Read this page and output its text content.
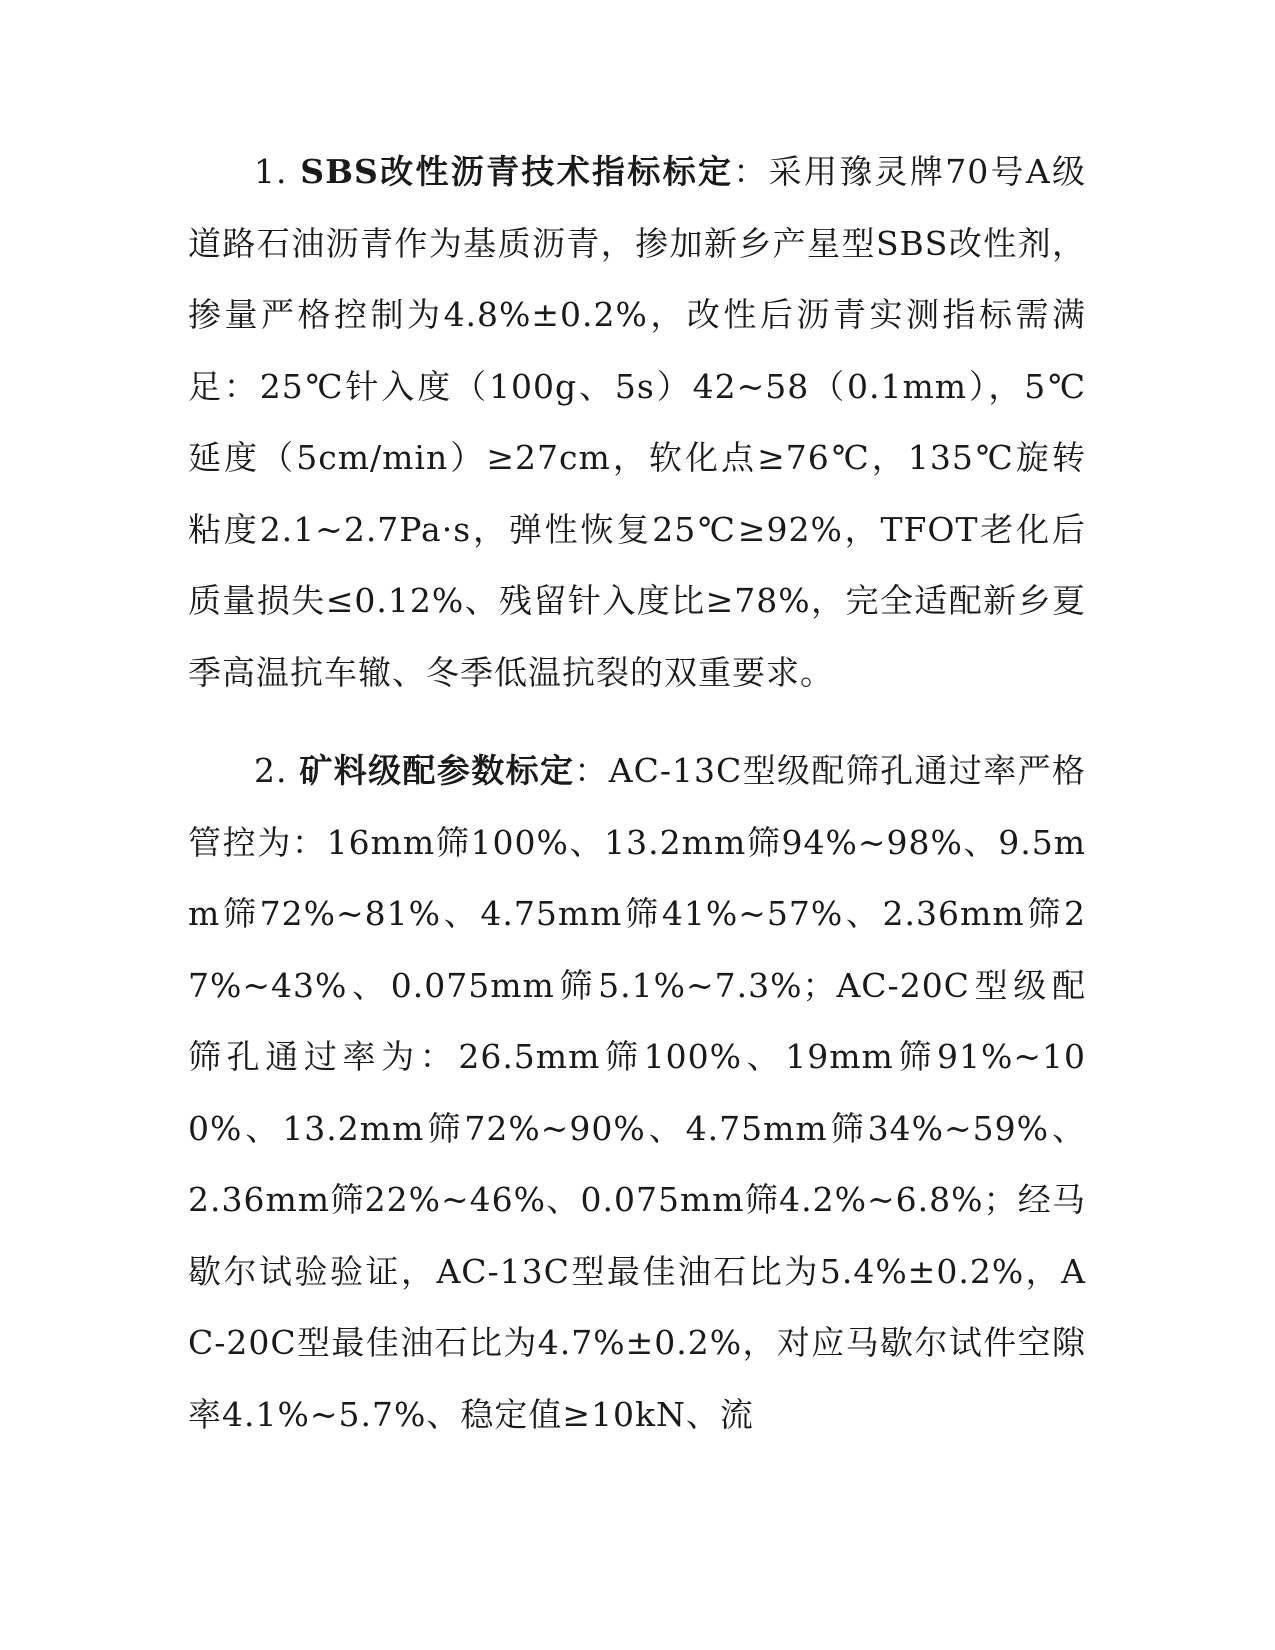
1. SBS改性沥青技术指标标定：采用豫灵牌70号A级道路石油沥青作为基质沥青，掺加新乡产星型SBS改性剂，掺量严格控制为4.8%±0.2%，改性后沥青实测指标需满足：25℃针入度（100g、5s）42~58（0.1mm），5℃延度（5cm/min）≥27cm，软化点≥76℃，135℃旋转粘度2.1~2.7Pa·s，弹性恢复25℃≥92%，TFOT老化后质量损失≤0.12%、残留针入度比≥78%，完全适配新乡夏季高温抗车辙、冬季低温抗裂的双重要求。

2. 矿料级配参数标定：AC-13C型级配筛孔通过率严格管控为：16mm筛100%、13.2mm筛94%~98%、9.5mm筛72%~81%、4.75mm筛41%~57%、2.36mm筛27%~43%、0.075mm筛5.1%~7.3%；AC-20C型级配筛孔通过率为：26.5mm筛100%、19mm筛91%~100%、13.2mm筛72%~90%、4.75mm筛34%~59%、2.36mm筛22%~46%、0.075mm筛4.2%~6.8%；经马歇尔试验验证，AC-13C型最佳油石比为5.4%±0.2%，AC-20C型最佳油石比为4.7%±0.2%，对应马歇尔试件空隙率4.1%~5.7%、稳定值≥10kN、流
